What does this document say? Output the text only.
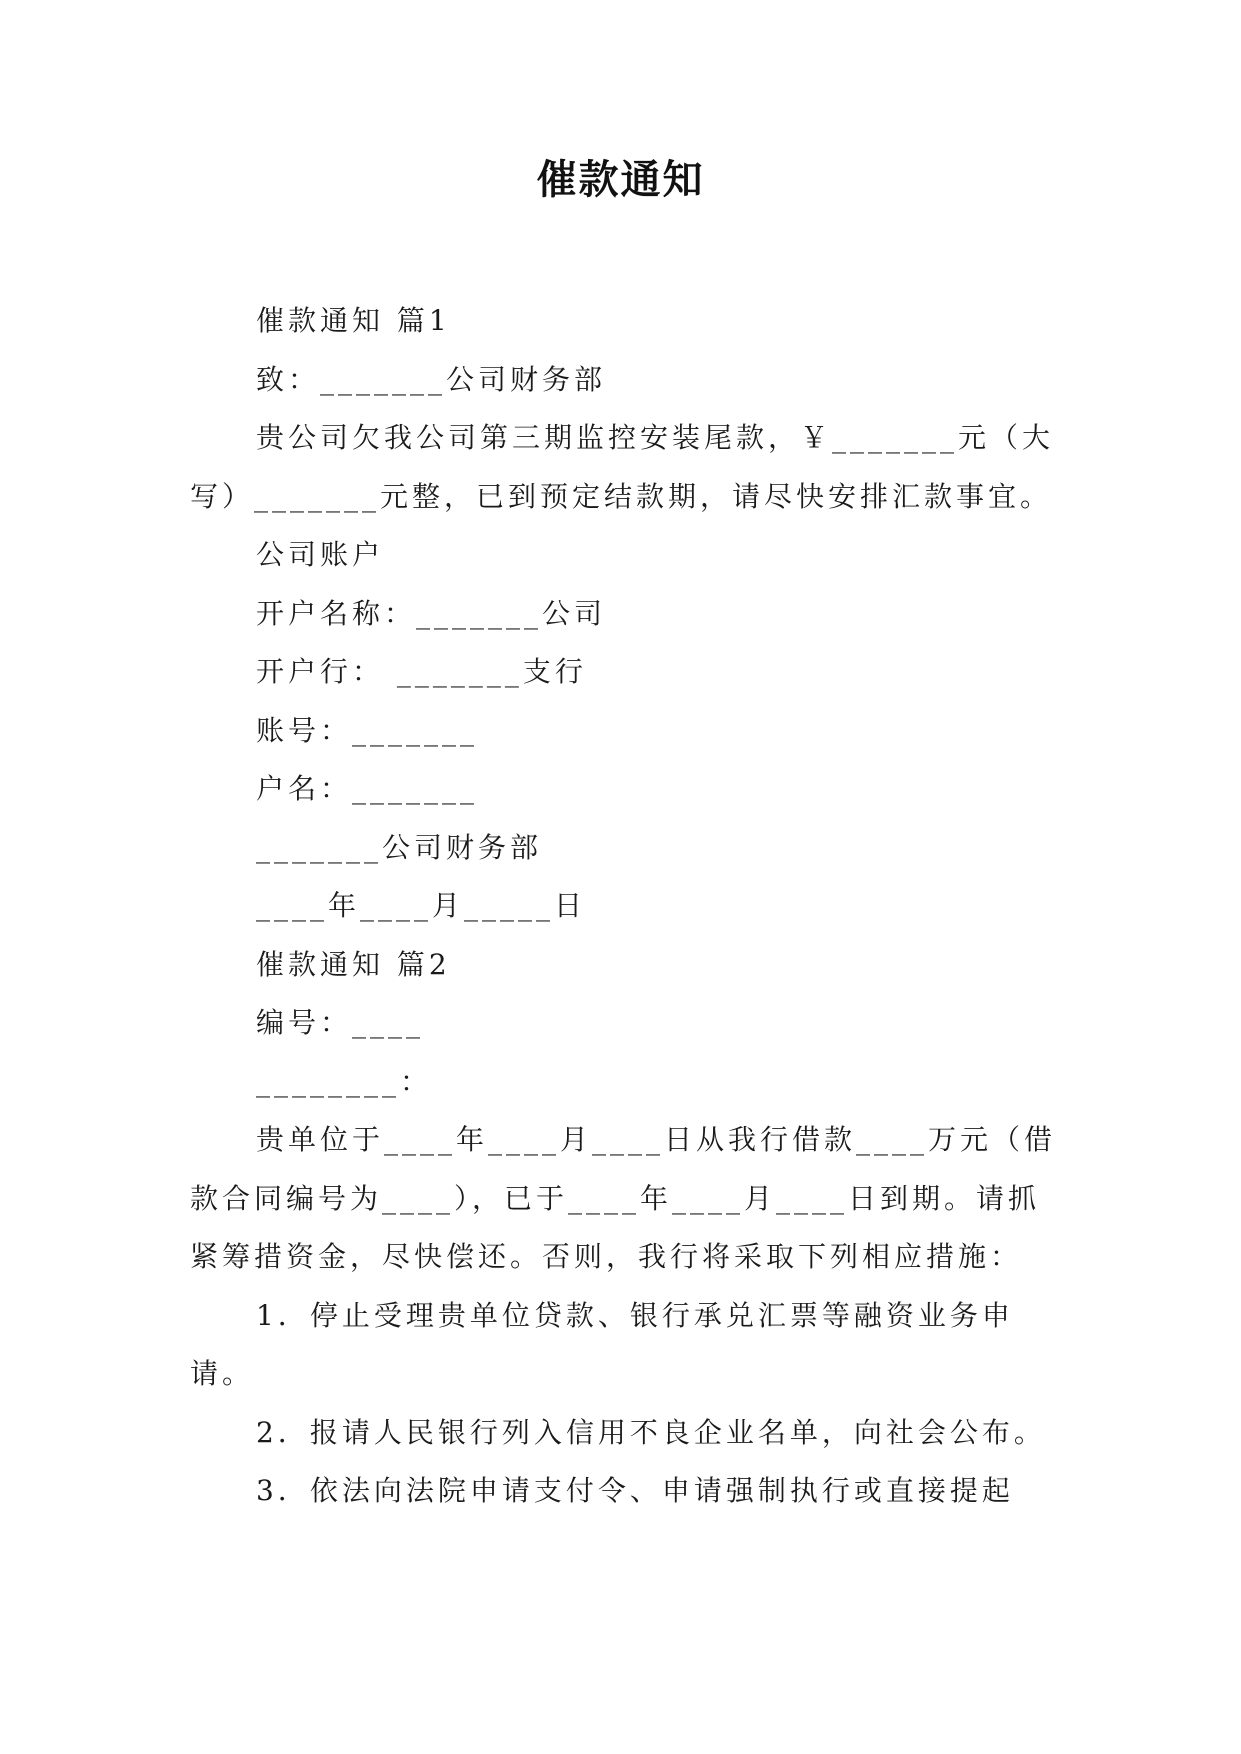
催款通知

催款通知 篇1

致：_______公司财务部

贵公司欠我公司第三期监控安装尾款，￥_______元（大写）_______元整，已到预定结款期，请尽快安排汇款事宜。

公司账户

开户名称：_______公司

开户行： _______支行

账号：_______

户名：_______

_______公司财务部

____年____月_____日

催款通知 篇2

编号：____

________：

贵单位于____年____月____日从我行借款____万元（借款合同编号为____），已于____年____月____日到期。请抓紧筹措资金，尽快偿还。否则，我行将采取下列相应措施：

1．停止受理贵单位贷款、银行承兑汇票等融资业务申请。

2．报请人民银行列入信用不良企业名单，向社会公布。

3．依法向法院申请支付令、申请强制执行或直接提起
